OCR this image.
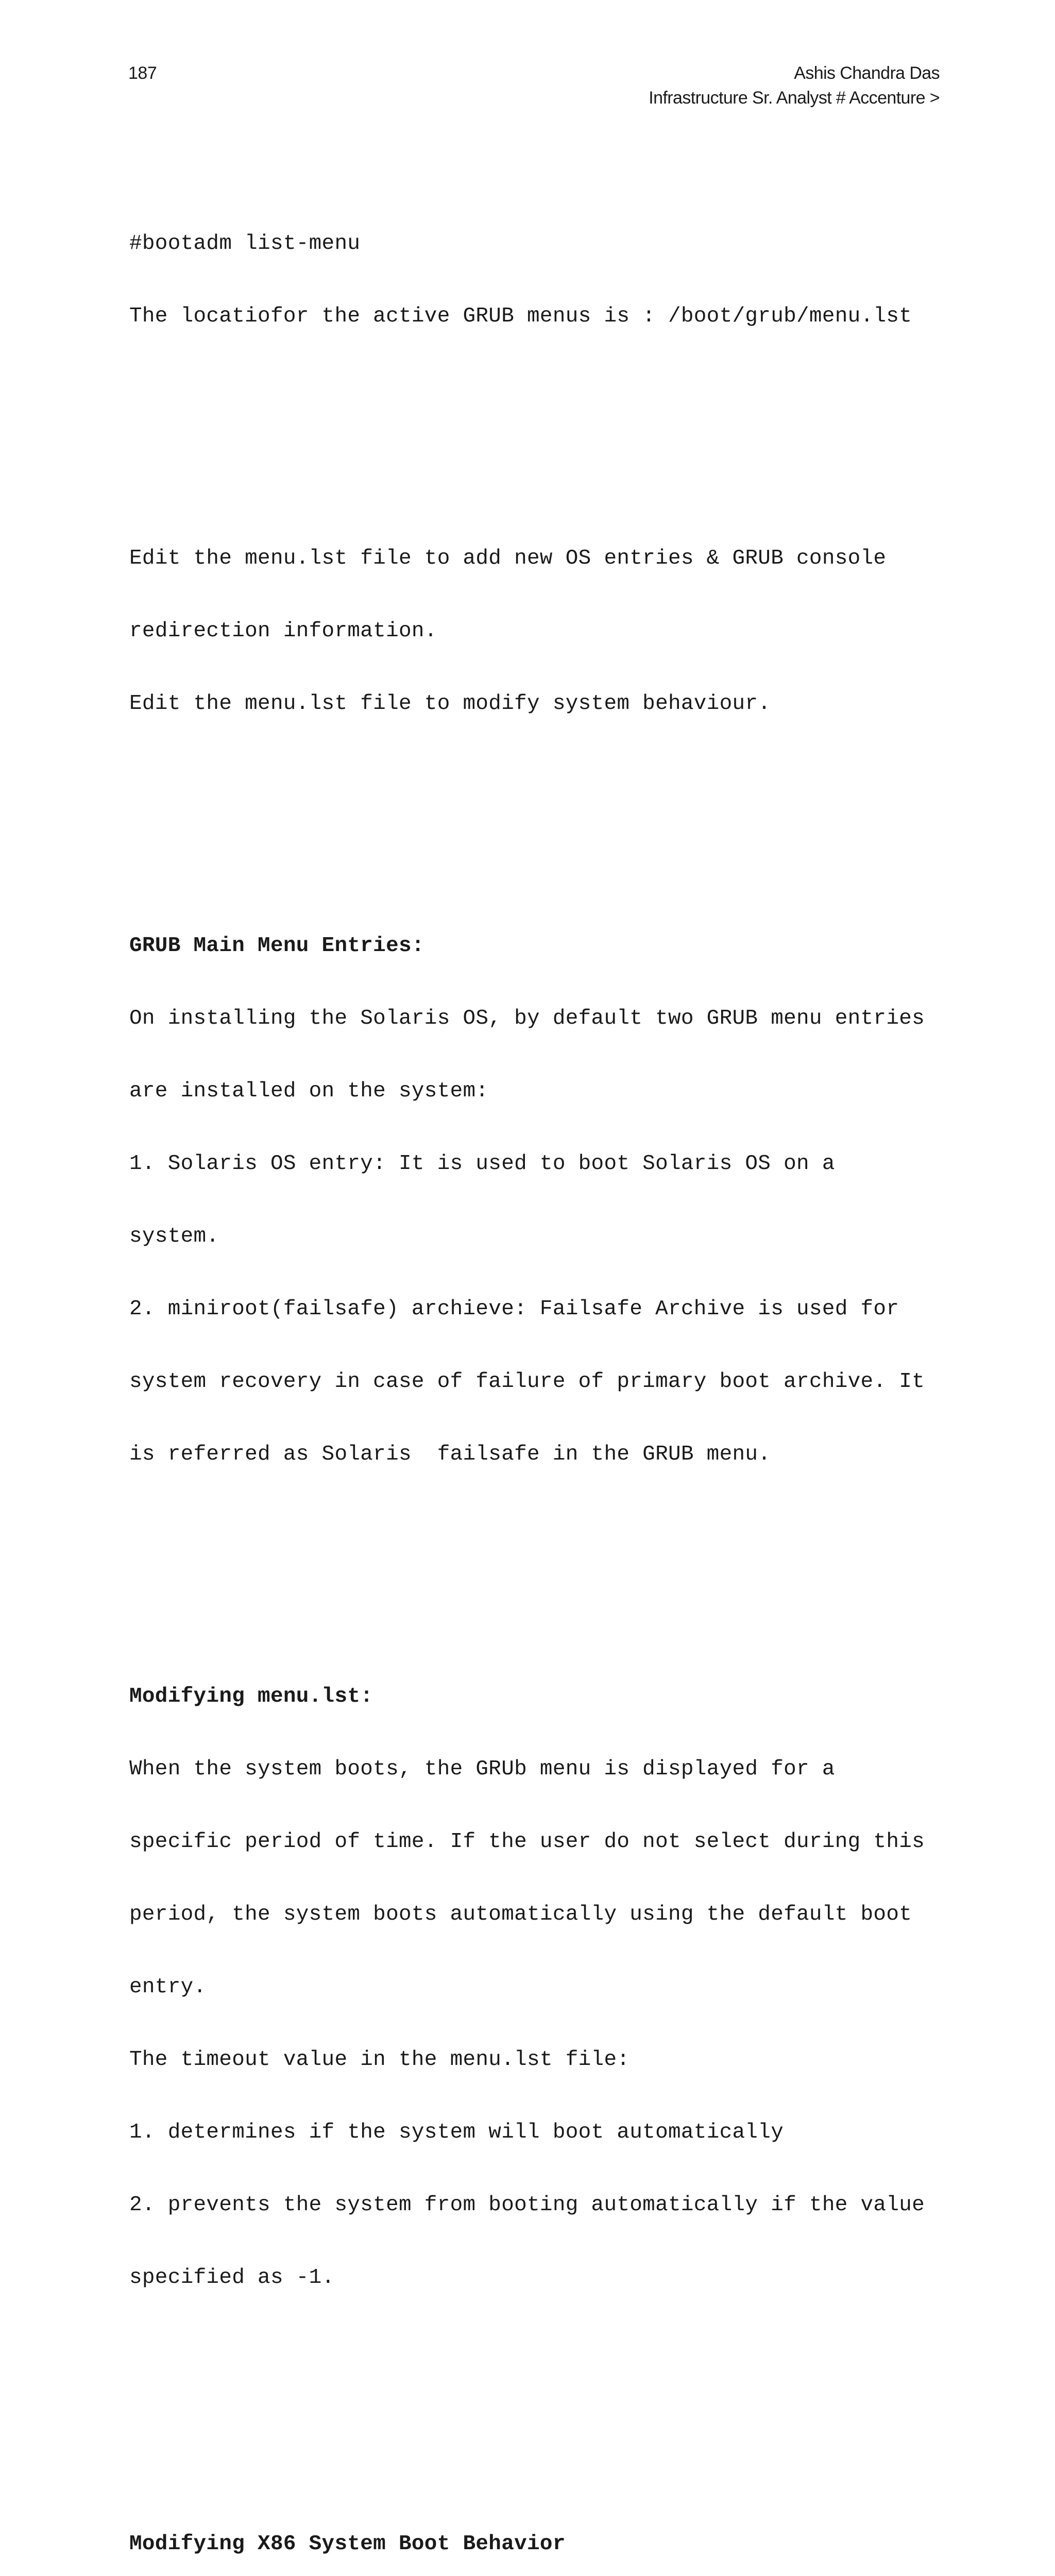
187	Ashis Chandra Das
Infrastructure Sr. Analyst # Accenture >

#bootadm list-menu

The locatiofor the active GRUB menus is : /boot/grub/menu.lst

Edit the menu.lst file to add new OS entries & GRUB console

redirection information.

Edit the menu.lst file to modify system behaviour.

GRUB Main Menu Entries:

On installing the Solaris OS, by default two GRUB menu entries

are installed on the system:

1. Solaris OS entry: It is used to boot Solaris OS on a

system.

2. miniroot(failsafe) archieve: Failsafe Archive is used for

system recovery in case of failure of primary boot archive. It

is referred as Solaris  failsafe in the GRUB menu.

Modifying menu.lst:

When the system boots, the GRUb menu is displayed for a

specific period of time. If the user do not select during this

period, the system boots automatically using the default boot

entry.

The timeout value in the menu.lst file:

1. determines if the system will boot automatically

2. prevents the system from booting automatically if the value

specified as -1.

Modifying X86 System Boot Behavior
